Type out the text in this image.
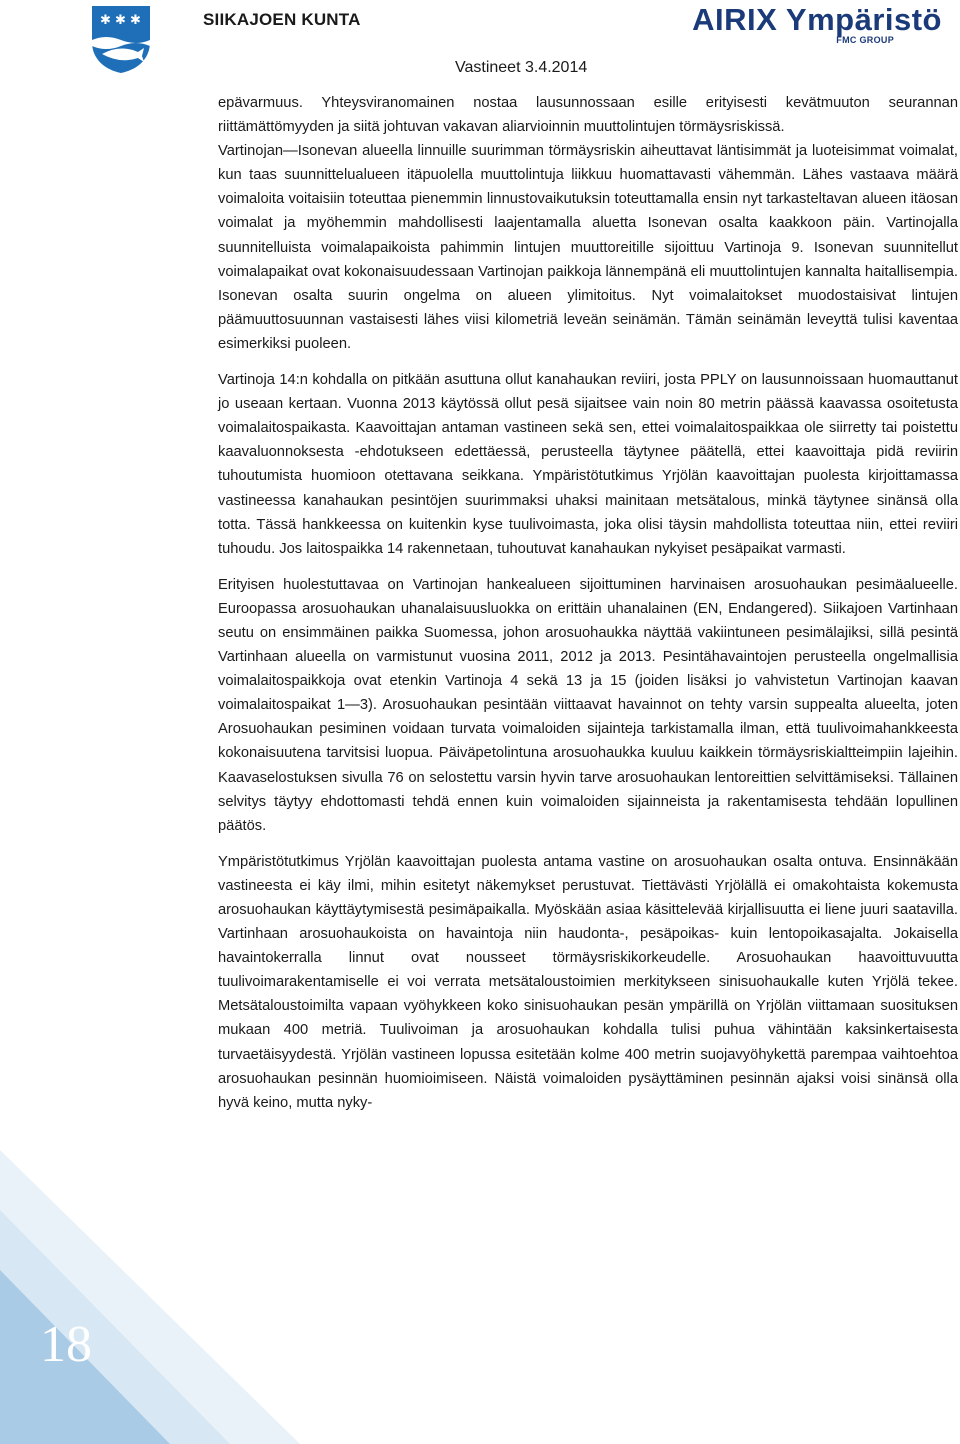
✱ ✱ ✱	SIIKAJOEN KUNTA	AIRIX Ympäristö
FMC GROUP
Vastineet 3.4.2014

epävarmuus. Yhteysviranomainen nostaa lausunnossaan esille erityisesti kevätmuuton seurannan riittämättömyyden ja siitä johtuvan vakavan aliarvioinnin muuttolintujen törmäysriskissä.

Vartinojan—Isonevan alueella linnuille suurimman törmäysriskin aiheuttavat läntisimmät ja luoteisimmat voimalat, kun taas suunnittelualueen itäpuolella muuttolintuja liikkuu huomattavasti vähemmän. Lähes vastaava määrä voimaloita voitaisiin toteuttaa pienemmin linnustovaikutuksin toteuttamalla ensin nyt tarkasteltavan alueen itäosan voimalat ja myöhemmin mahdollisesti laajentamalla aluetta Isonevan osalta kaakkoon päin. Vartinojalla suunnitelluista voimalapaikoista pahimmin lintujen muuttoreitille sijoittuu Vartinoja 9. Isonevan suunnitellut voimalapaikat ovat kokonaisuudessaan Vartinojan paikkoja lännempänä eli muuttolintujen kannalta haitallisempia. Isonevan osalta suurin ongelma on alueen ylimitoitus. Nyt voimalaitokset muodostaisivat lintujen päämuuttosuunnan vastaisesti lähes viisi kilometriä leveän seinämän. Tämän seinämän leveyttä tulisi kaventaa esimerkiksi puoleen.

Vartinoja 14:n kohdalla on pitkään asuttuna ollut kanahaukan reviiri, josta PPLY on lausunnoissaan huomauttanut jo useaan kertaan. Vuonna 2013 käytössä ollut pesä sijaitsee vain noin 80 metrin päässä kaavassa osoitetusta voimalaitospaikasta. Kaavoittajan antaman vastineen sekä sen, ettei voimalaitospaikkaa ole siirretty tai poistettu kaavaluonnoksesta -ehdotukseen edettäessä, perusteella täytynee päätellä, ettei kaavoittaja pidä reviirin tuhoutumista huomioon otettavana seikkana. Ympäristötutkimus Yrjölän kaavoittajan puolesta kirjoittamassa vastineessa kanahaukan pesintöjen suurimmaksi uhaksi mainitaan metsätalous, minkä täytynee sinänsä olla totta. Tässä hankkeessa on kuitenkin kyse tuulivoimasta, joka olisi täysin mahdollista toteuttaa niin, ettei reviiri tuhoudu. Jos laitospaikka 14 rakennetaan, tuhoutuvat kanahaukan nykyiset pesäpaikat varmasti.

Erityisen huolestuttavaa on Vartinojan hankealueen sijoittuminen harvinaisen arosuohaukan pesimäalueelle. Euroopassa arosuohaukan uhanalaisuusluokka on erittäin uhanalainen (EN, Endangered). Siikajoen Vartinhaan seutu on ensimmäinen paikka Suomessa, johon arosuohaukka näyttää vakiintuneen pesimälajiksi, sillä pesintä Vartinhaan alueella on varmistunut vuosina 2011, 2012 ja 2013. Pesintähavaintojen perusteella ongelmallisia voimalaitospaikkoja ovat etenkin Vartinoja 4 sekä 13 ja 15 (joiden lisäksi jo vahvistetun Vartinojan kaavan voimalaitospaikat 1—3). Arosuohaukan pesintään viittaavat havainnot on tehty varsin suppealta alueelta, joten Arosuohaukan pesiminen voidaan turvata voimaloiden sijainteja tarkistamalla ilman, että tuulivoimahankkeesta kokonaisuutena tarvitsisi luopua. Päiväpetolintuna arosuohaukka kuuluu kaikkein törmäysriskialtteimpiin lajeihin. Kaavaselostuksen sivulla 76 on selostettu varsin hyvin tarve arosuohaukan lentoreittien selvittämiseksi. Tällainen selvitys täytyy ehdottomasti tehdä ennen kuin voimaloiden sijainneista ja rakentamisesta tehdään lopullinen päätös.

Ympäristötutkimus Yrjölän kaavoittajan puolesta antama vastine on arosuohaukan osalta ontuva. Ensinnäkään vastineesta ei käy ilmi, mihin esitetyt näkemykset perustuvat. Tiettävästi Yrjölällä ei omakohtaista kokemusta arosuohaukan käyttäytymisestä pesimäpaikalla. Myöskään asiaa käsittelevää kirjallisuutta ei liene juuri saatavilla. Vartinhaan arosuohaukoista on havaintoja niin haudonta-, pesäpoikas- kuin lentopoikasajalta. Jokaisella havaintokerralla linnut ovat nousseet törmäysriskikorkeudelle. Arosuohaukan haavoittuvuutta tuulivoimarakentamiselle ei voi verrata metsätaloustoimien merkitykseen sinisuohaukalle kuten Yrjölä tekee. Metsätaloustoimilta vapaan vyöhykkeen koko sinisuohaukan pesän ympärillä on Yrjölän viittamaan suosituksen mukaan 400 metriä. Tuulivoiman ja arosuohaukan kohdalla tulisi puhua vähintään kaksinkertaisesta turvaetäisyydestä. Yrjölän vastineen lopussa esitetään kolme 400 metrin suojavyöhykettä parempaa vaihtoehtoa arosuohaukan pesinnän huomioimiseen. Näistä voimaloiden pysäyttäminen pesinnän ajaksi voisi sinänsä olla hyvä keino, mutta nyky-

18
